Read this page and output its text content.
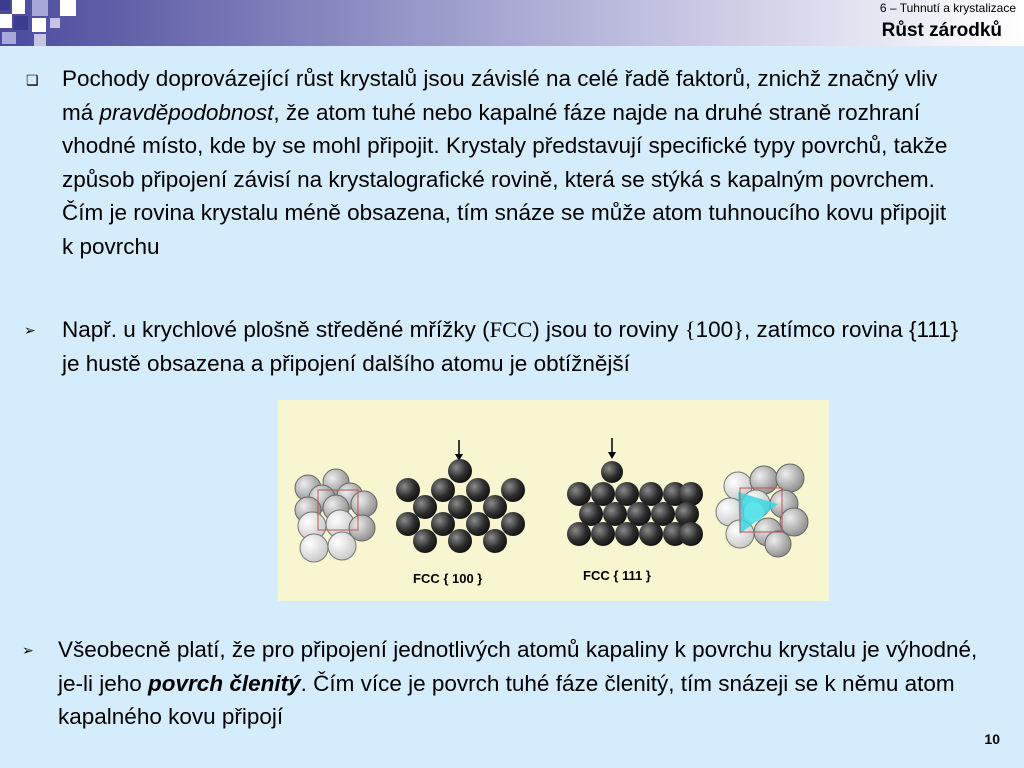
6 – Tuhnutí a krystalizace
Růst zárodků
❑ Pochody doprovázející růst krystalů jsou závislé na celé řadě faktorů, znichž značný vliv má pravděpodobnost, že atom tuhé nebo kapalné fáze najde na druhé straně rozhraní vhodné místo, kde by se mohl připojit. Krystaly představují specifické typy povrchů, takže způsob připojení závisí na krystalografické rovině, která se stýká s kapalným povrchem. Čím je rovina krystalu méně obsazena, tím snáze se může atom tuhnoucího kovu připojit k povrchu
➢ Např. u krychlové plošně středěné mřížky (FCC) jsou to roviny {100}, zatímco rovina {111} je hustě obsazena a připojení dalšího atomu je obtížnější
FCC { 100 }	FCC { 111 }
➢ Všeobecně platí, že pro připojení jednotlivých atomů kapaliny k povrchu krystalu je výhodné, je-li jeho povrch členitý. Čím více je povrch tuhé fáze členitý, tím snázeji se k němu atom kapalného kovu připojí
10
